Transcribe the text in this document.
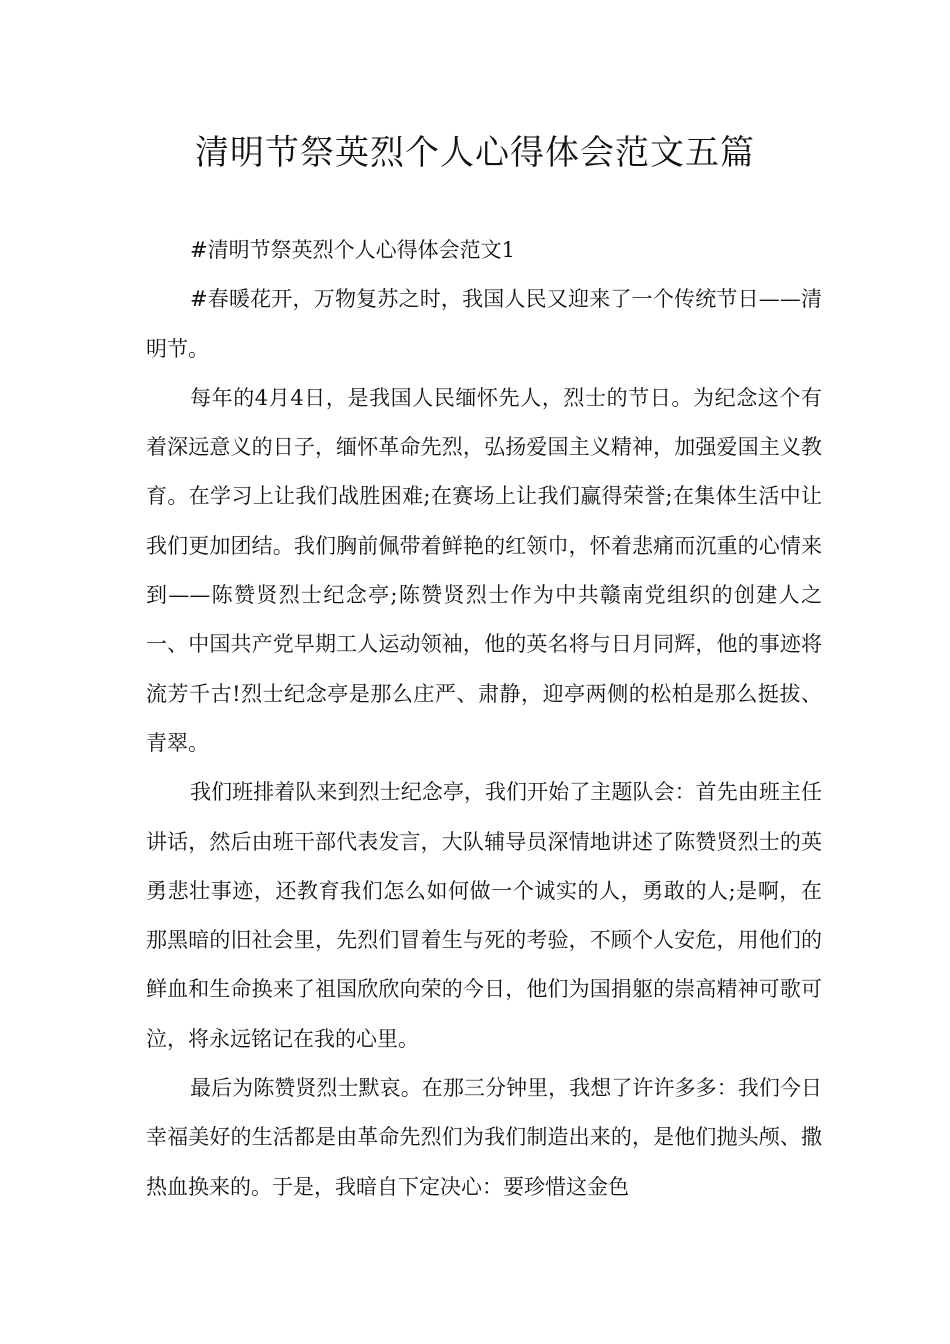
清明节祭英烈个人心得体会范文五篇

#清明节祭英烈个人心得体会范文1

#春暖花开，万物复苏之时，我国人民又迎来了一个传统节日——清明节。

每年的4月4日，是我国人民缅怀先人，烈士的节日。为纪念这个有着深远意义的日子，缅怀革命先烈，弘扬爱国主义精神，加强爱国主义教育。在学习上让我们战胜困难;在赛场上让我们赢得荣誉;在集体生活中让我们更加团结。我们胸前佩带着鲜艳的红领巾，怀着悲痛而沉重的心情来到——陈赞贤烈士纪念亭;陈赞贤烈士作为中共赣南党组织的创建人之一、中国共产党早期工人运动领袖，他的英名将与日月同辉，他的事迹将流芳千古!烈士纪念亭是那么庄严、肃静，迎亭两侧的松柏是那么挺拔、青翠。

我们班排着队来到烈士纪念亭，我们开始了主题队会：首先由班主任讲话，然后由班干部代表发言，大队辅导员深情地讲述了陈赞贤烈士的英勇悲壮事迹，还教育我们怎么如何做一个诚实的人，勇敢的人;是啊，在那黑暗的旧社会里，先烈们冒着生与死的考验，不顾个人安危，用他们的鲜血和生命换来了祖国欣欣向荣的今日，他们为国捐躯的崇高精神可歌可泣，将永远铭记在我的心里。

最后为陈赞贤烈士默哀。在那三分钟里，我想了许许多多：我们今日幸福美好的生活都是由革命先烈们为我们制造出来的，是他们抛头颅、撒热血换来的。于是，我暗自下定决心：要珍惜这金色
